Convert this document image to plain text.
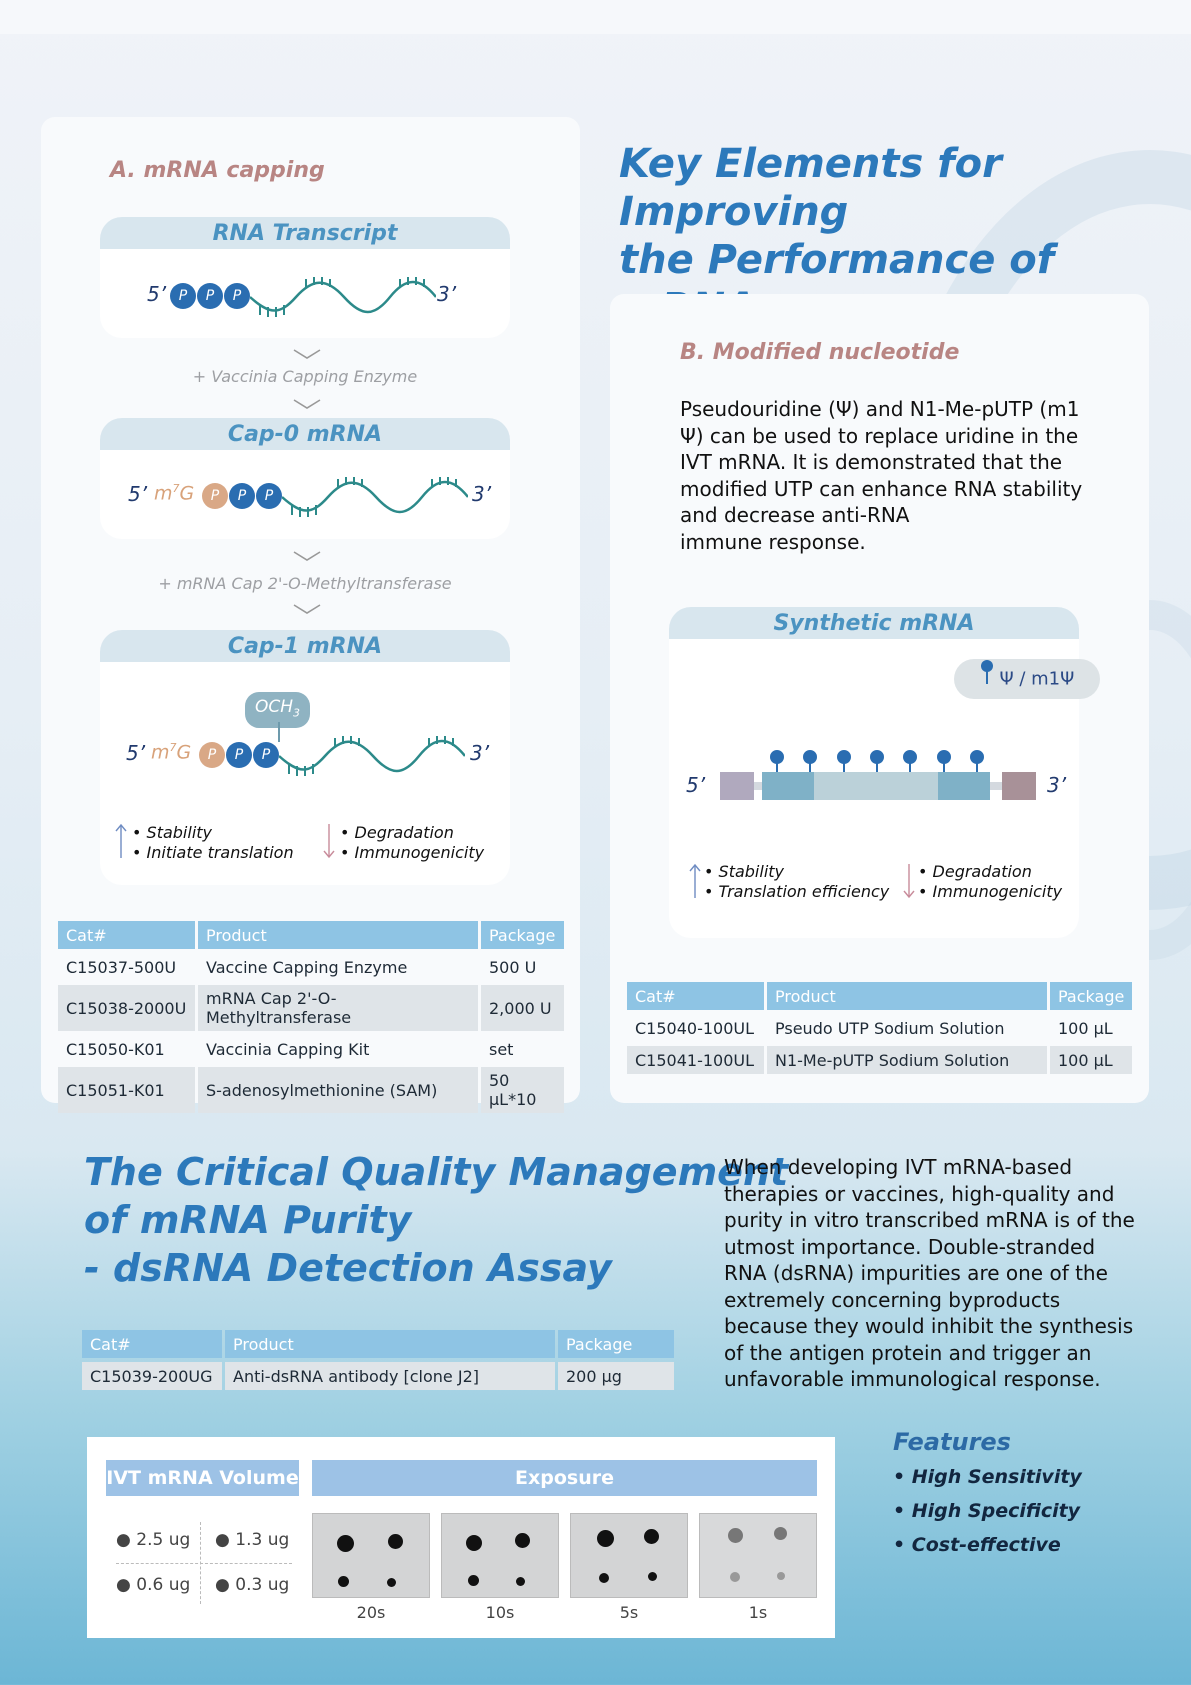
A. mRNA capping
RNA Transcript
5’ P	P	P	3’
+ Vaccinia Capping Enzyme
Cap-0 mRNA
5’ $m^7G$	P	P	P	3’
+ mRNA Cap 2'-O-Methyltransferase
Cap-1 mRNA
$OCH_3$
5’ $m^7G$	P	P	P	3’
• Stability
• Initiate translation
• Degradation
• Immunogenicity
Cat#	Product	Package
C15037-500U	Vaccine Capping Enzyme	500 U
C15038-2000U	mRNA Cap 2'-O-Methyltransferase	2,000 U
C15050-K01	Vaccinia Capping Kit	set
C15051-K01	S-adenosylmethionine (SAM)	50 μL*10
Key Elements for Improving
the Performance of
B. Modified nucleotide
Pseudouridine (Ψ) and N1-Me-pUTP (m1
Ψ) can be used to replace uridine in the
IVT mRNA. It is demonstrated that the
modified UTP can enhance RNA stability
and decrease anti-RNA
immune response.
Synthetic mRNA
Ψ / m1Ψ
5’	3’
• Stability
• Translation efficiency
• Degradation
• Immunogenicity
Cat#	Product	Package
C15040-100UL	Pseudo UTP Sodium Solution	100 μL
C15041-100UL	N1-Me-pUTP Sodium Solution	100 μL
The Critical Quality Management
of mRNA Purity
- dsRNA Detection Assay
When developing IVT mRNA-based
therapies or vaccines, high-quality and
purity in vitro transcribed mRNA is of the
utmost importance. Double-stranded
RNA (dsRNA) impurities are one of the
extremely concerning byproducts
because they would inhibit the synthesis
of the antigen protein and trigger an
unfavorable immunological response.
Cat#	Product	Package
C15039-200UG	Anti-dsRNA antibody [clone J2]	200 μg
IVT mRNA Volume	Exposure
● 2.5 ug ● 1.3 ug
● 0.6 ug ● 0.3 ug
20s	10s	5s	1s
Features
• High Sensitivity
• High Specificity
• Cost-effective
